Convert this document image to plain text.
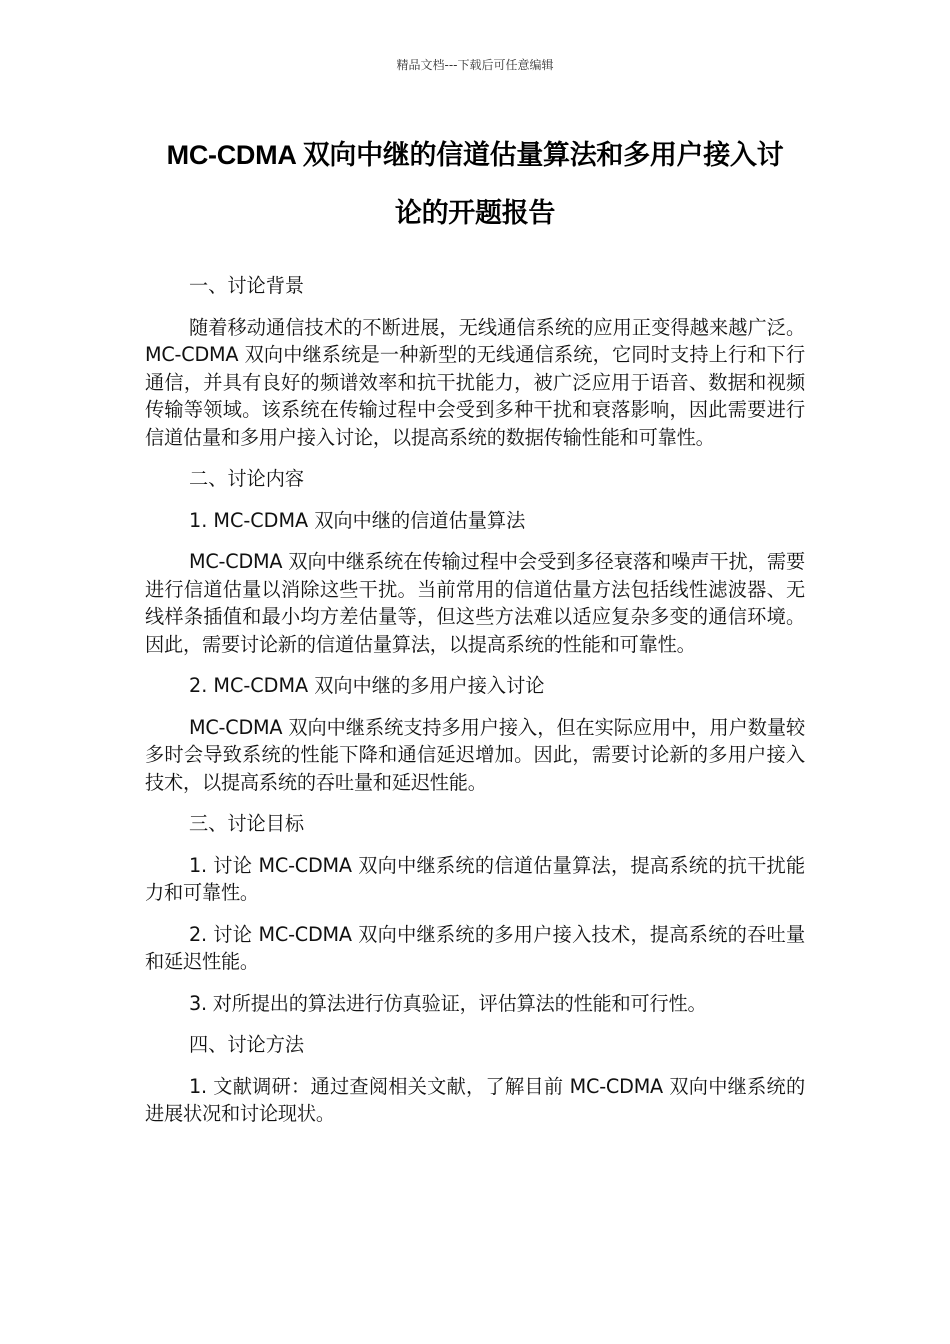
精品文档---下载后可任意编辑
MC-CDMA 双向中继的信道估量算法和多用户接入讨
论的开题报告

一、讨论背景

随着移动通信技术的不断进展，无线通信系统的应用正变得越来越广泛。MC-CDMA 双向中继系统是一种新型的无线通信系统，它同时支持上行和下行通信，并具有良好的频谱效率和抗干扰能力，被广泛应用于语音、数据和视频传输等领域。该系统在传输过程中会受到多种干扰和衰落影响，因此需要进行信道估量和多用户接入讨论，以提高系统的数据传输性能和可靠性。

二、讨论内容

1. MC-CDMA 双向中继的信道估量算法

MC-CDMA 双向中继系统在传输过程中会受到多径衰落和噪声干扰，需要进行信道估量以消除这些干扰。当前常用的信道估量方法包括线性滤波器、无线样条插值和最小均方差估量等，但这些方法难以适应复杂多变的通信环境。因此，需要讨论新的信道估量算法，以提高系统的性能和可靠性。

2. MC-CDMA 双向中继的多用户接入讨论

MC-CDMA 双向中继系统支持多用户接入，但在实际应用中，用户数量较多时会导致系统的性能下降和通信延迟增加。因此，需要讨论新的多用户接入技术，以提高系统的吞吐量和延迟性能。

三、讨论目标

1. 讨论 MC-CDMA 双向中继系统的信道估量算法，提高系统的抗干扰能力和可靠性。

2. 讨论 MC-CDMA 双向中继系统的多用户接入技术，提高系统的吞吐量和延迟性能。

3. 对所提出的算法进行仿真验证，评估算法的性能和可行性。

四、讨论方法

1. 文献调研：通过查阅相关文献，了解目前 MC-CDMA 双向中继系统的进展状况和讨论现状。
